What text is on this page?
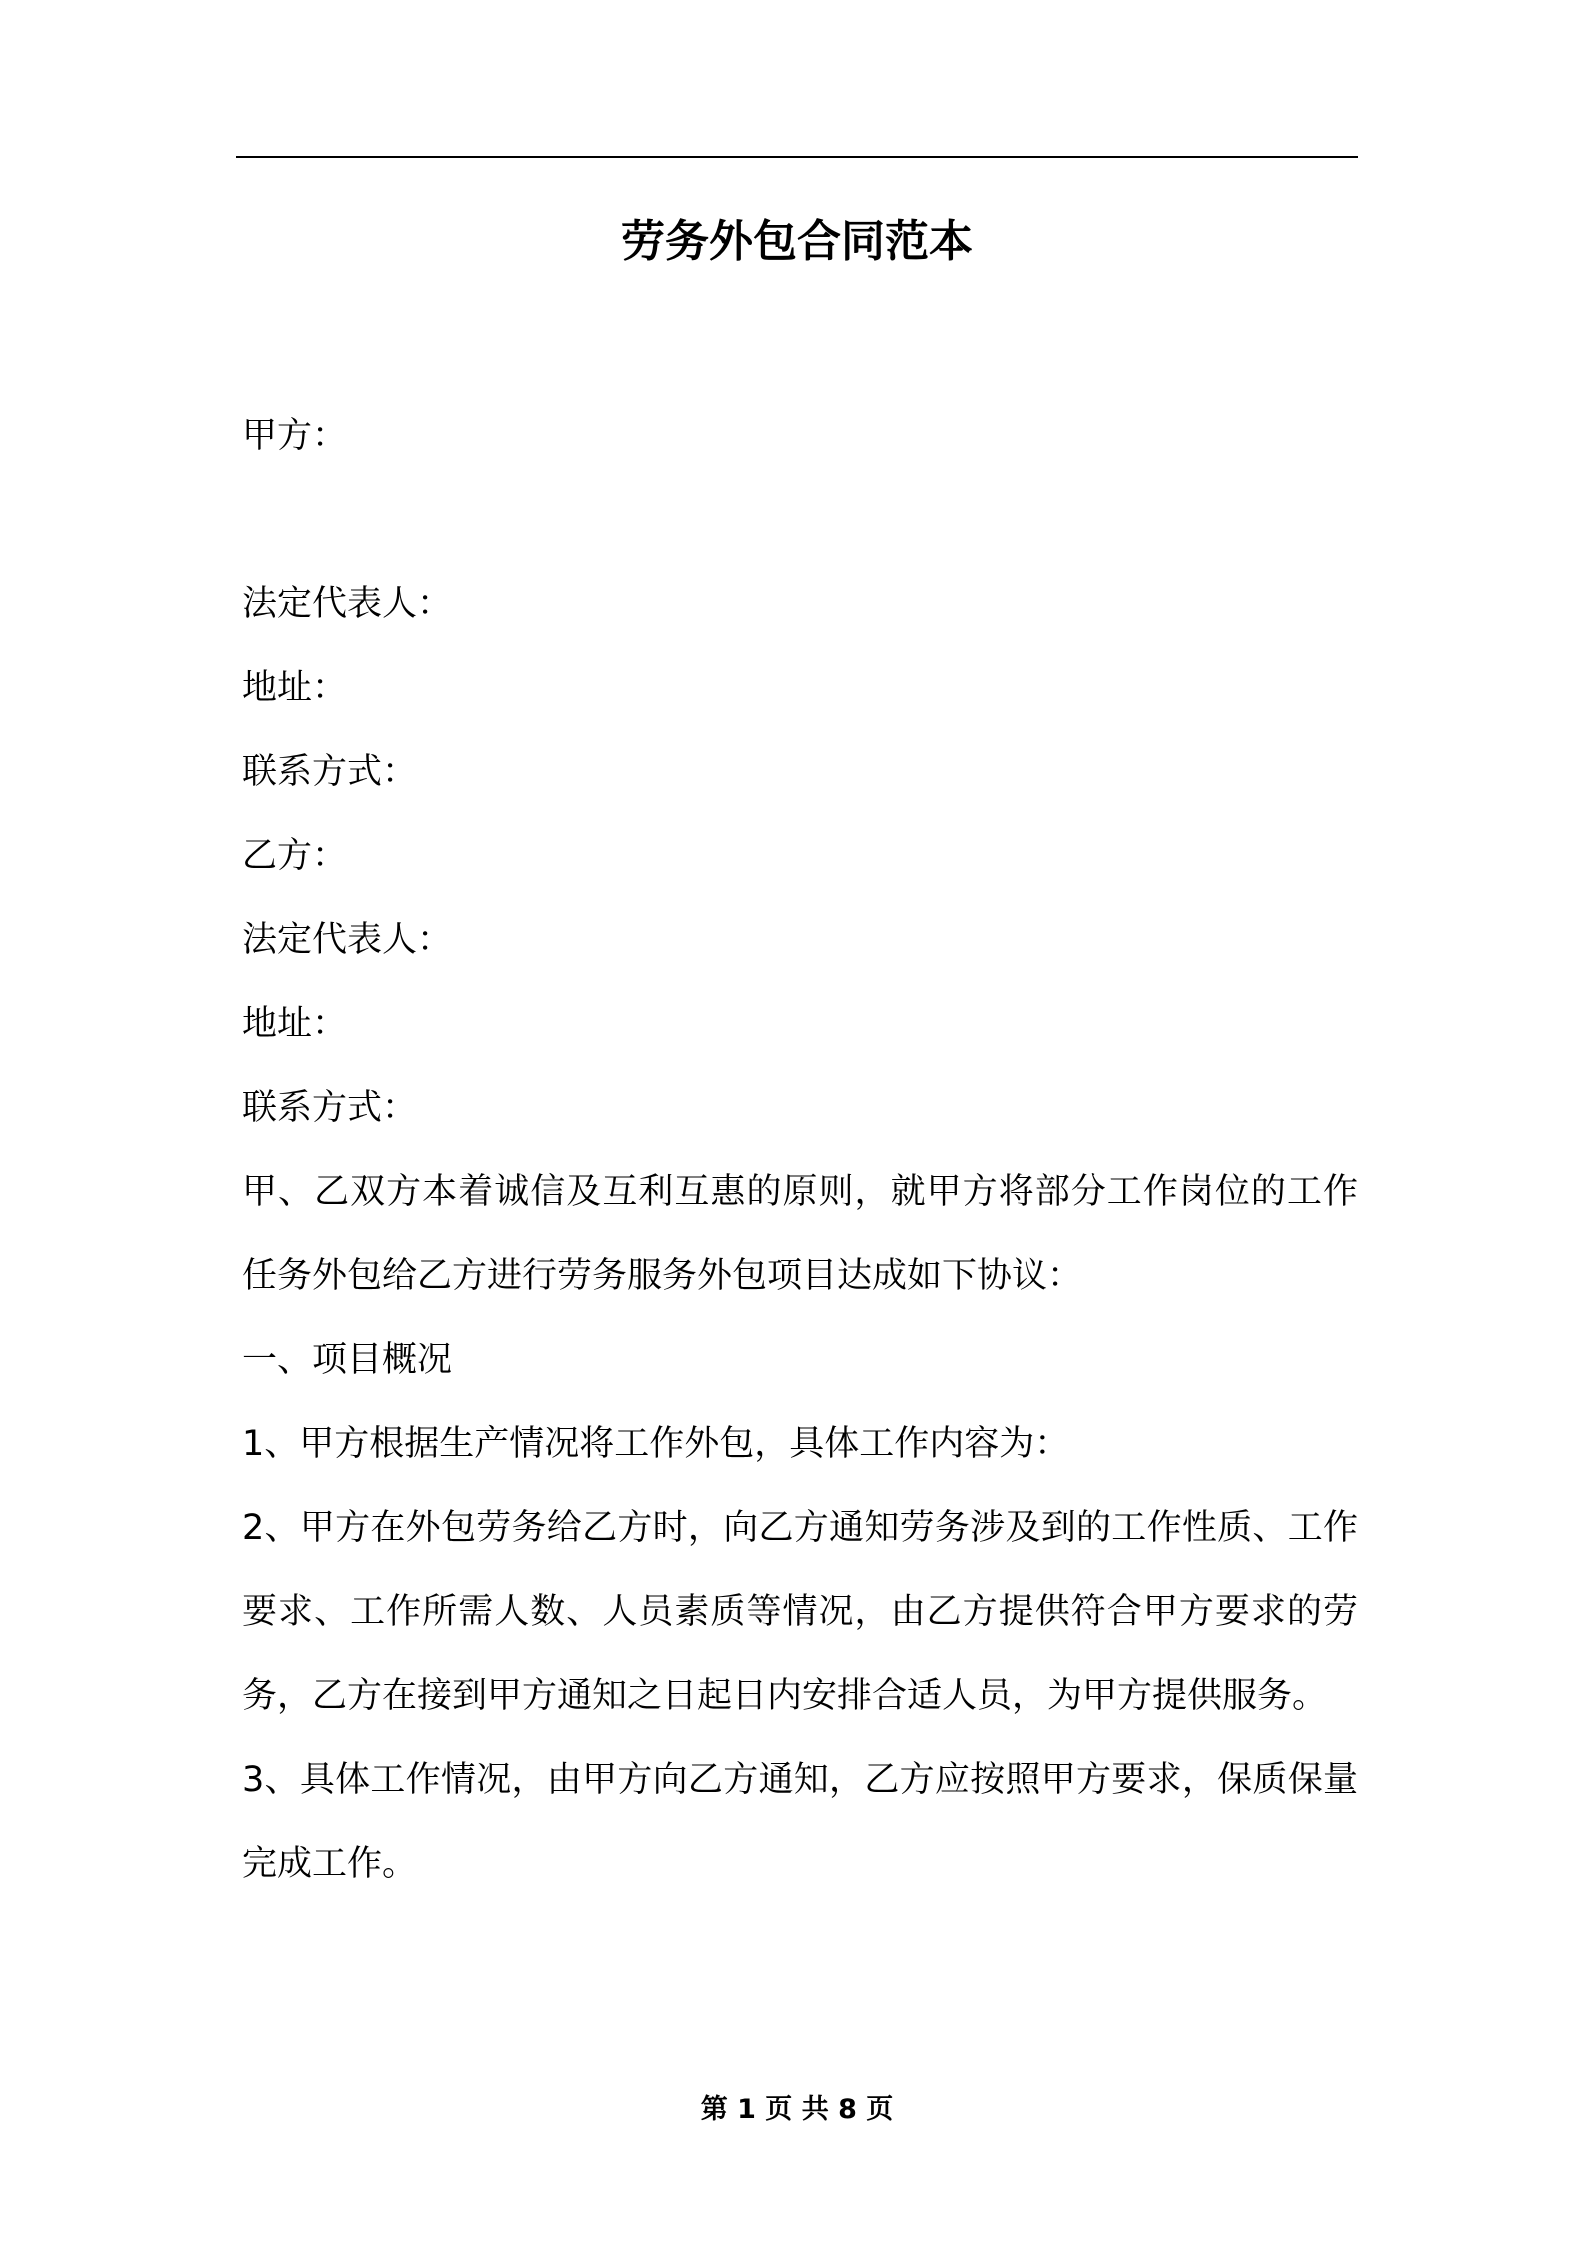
劳务外包合同范本
甲方：
法定代表人：
地址：
联系方式：
乙方：
法定代表人：
地址：
联系方式：
甲、乙双方本着诚信及互利互惠的原则，就甲方将部分工作岗位的工作任务外包给乙方进行劳务服务外包项目达成如下协议：
一、项目概况
1、甲方根据生产情况将工作外包，具体工作内容为：
2、甲方在外包劳务给乙方时，向乙方通知劳务涉及到的工作性质、工作要求、工作所需人数、人员素质等情况，由乙方提供符合甲方要求的劳务，乙方在接到甲方通知之日起日内安排合适人员，为甲方提供服务。
3、具体工作情况，由甲方向乙方通知，乙方应按照甲方要求，保质保量完成工作。

第 1 页 共 8 页
